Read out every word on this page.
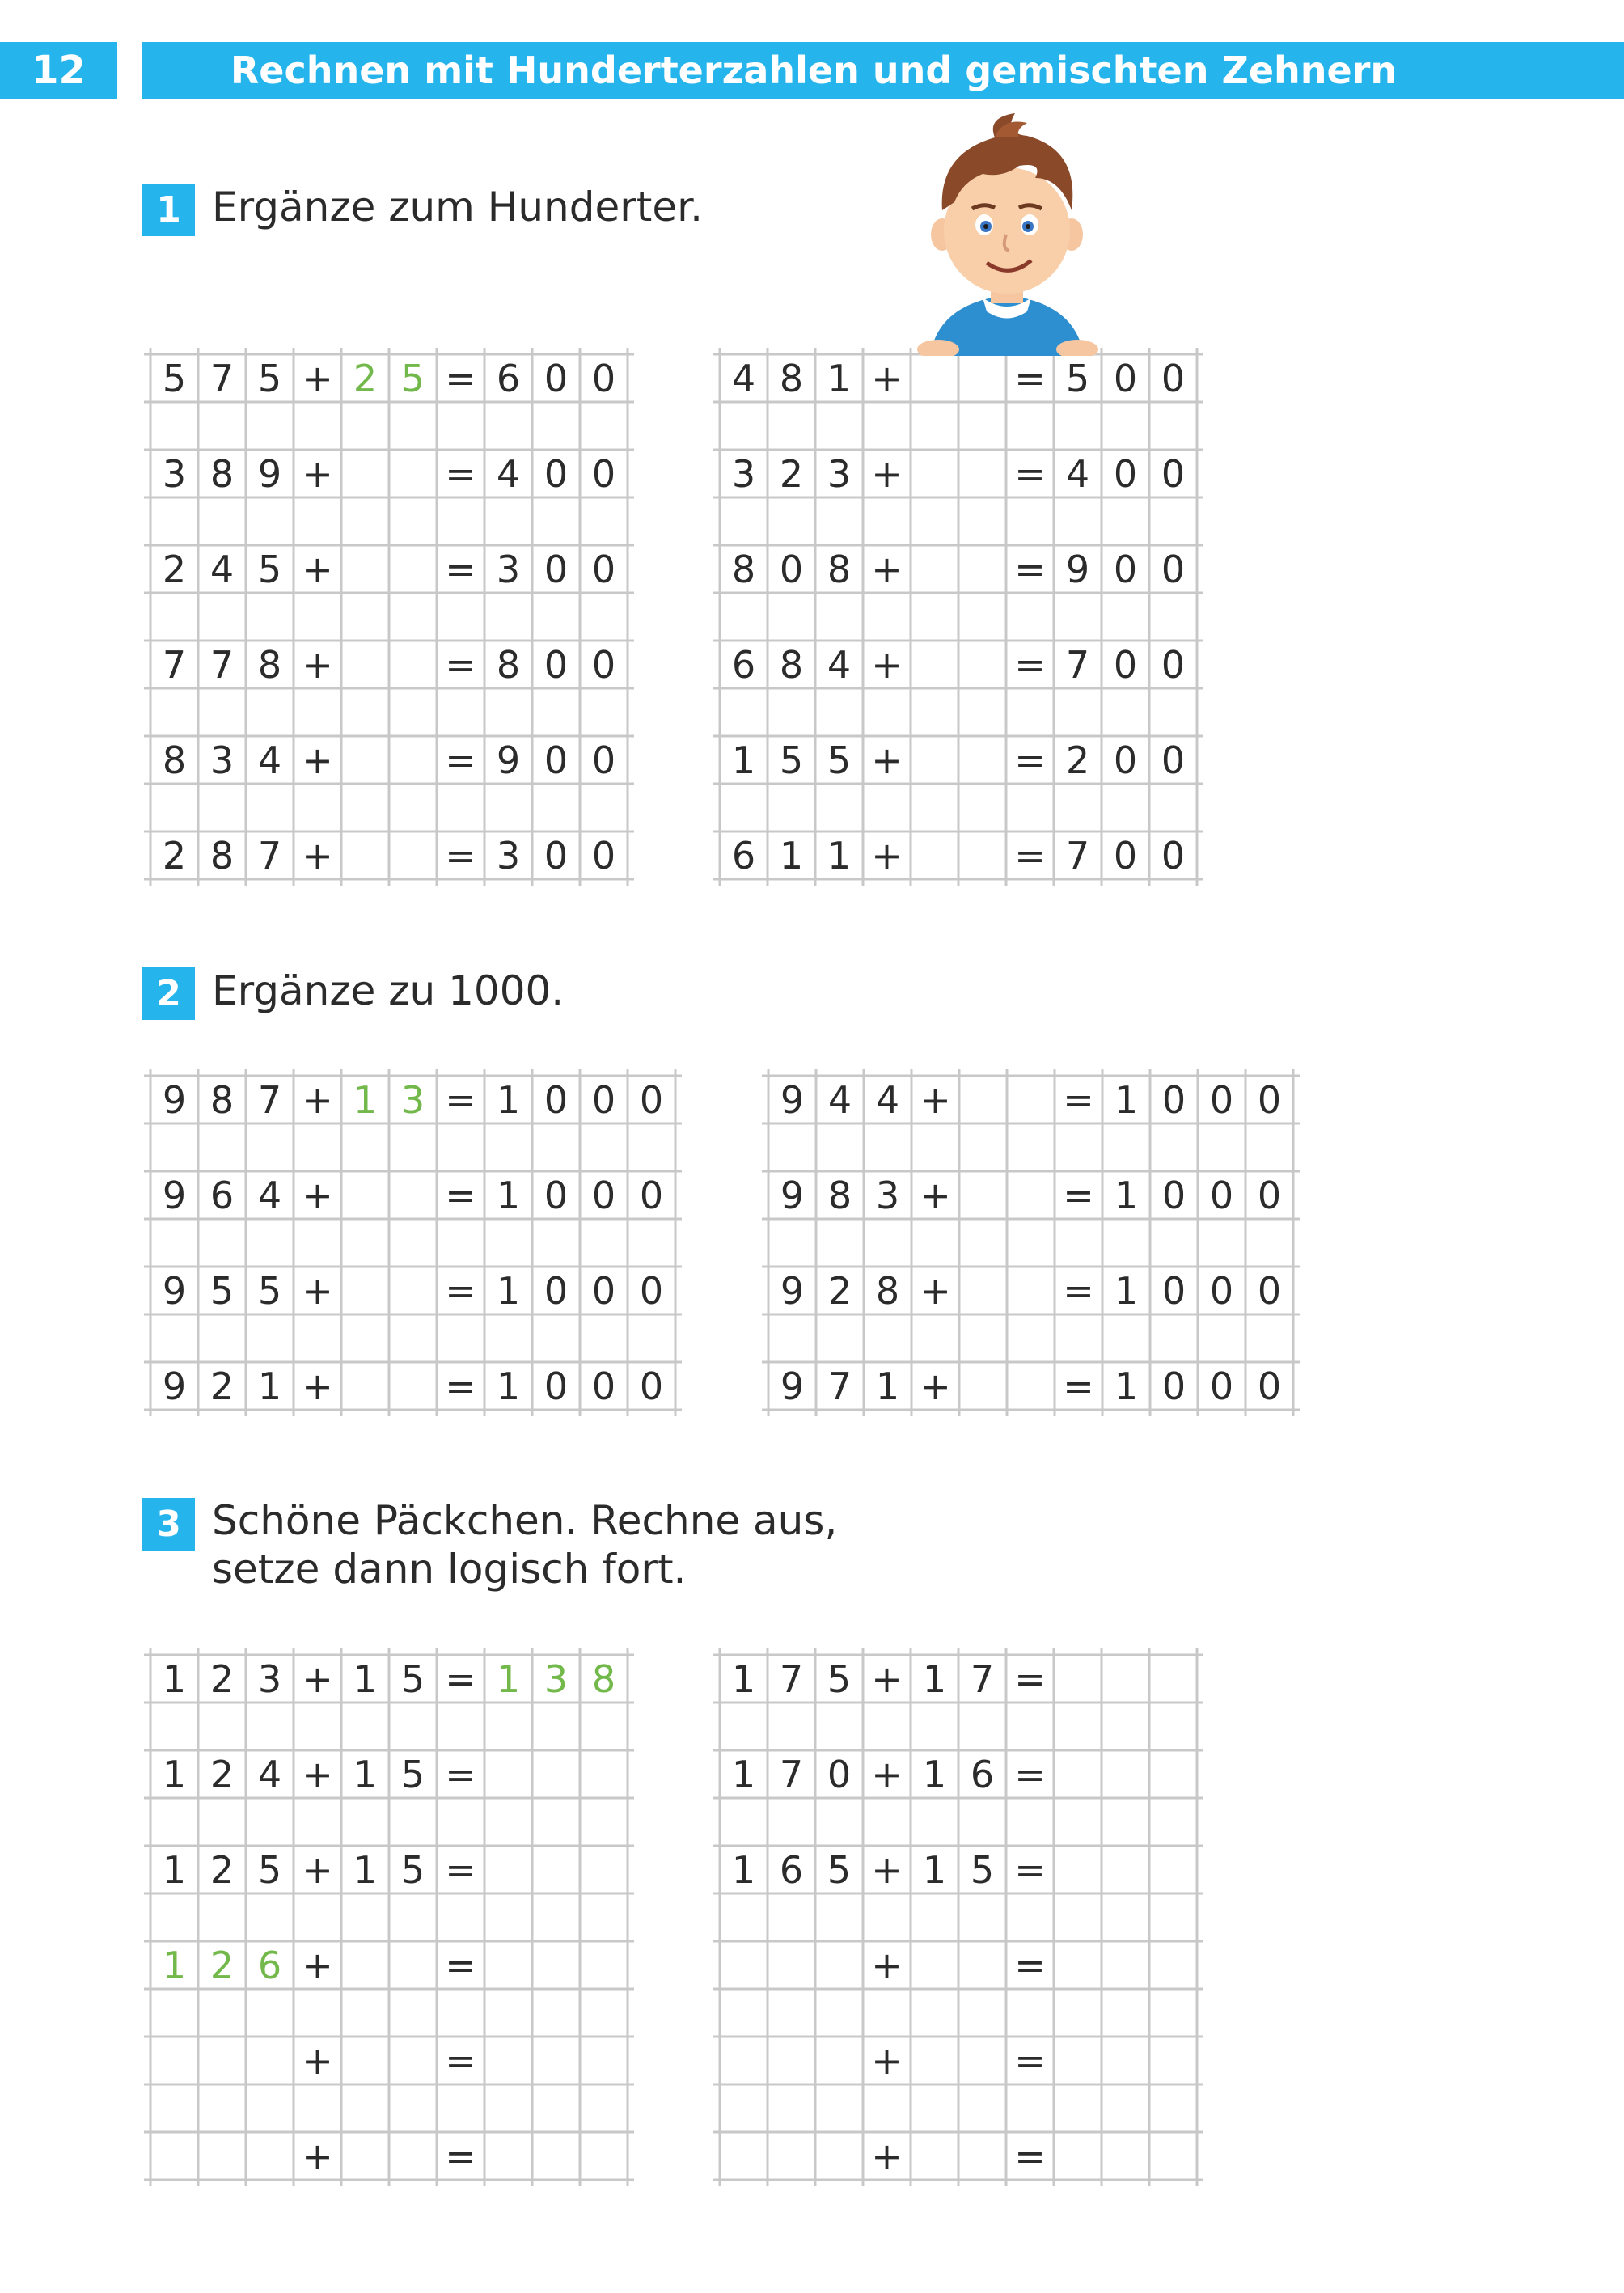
12	Rechnen mit Hunderterzahlen und gemischten Zehnern
1 Ergänze zum Hunderter.
2 Ergänze zu 1000.
3 Schöne Päckchen. Rechne aus,
setze dann logisch fort.
5 7 5 + 2 5 = 6 0 0
3 8 9 +	= 4 0 0
2 4 5 +	= 3 0 0
7 7 8 +	= 8 0 0
8 3 4 +	= 9 0 0
2 8 7 +	= 3 0 0
4 8 1 +	= 5 0 0
3 2 3 +	= 4 0 0
8 0 8 +	= 9 0 0
6 8 4 +	= 7 0 0
1 5 5 +	= 2 0 0
6 1 1 +	= 7 0 0
9 8 7 + 1 3 = 1 0 0 0
9 6 4 +	= 1 0 0 0
9 5 5 +	= 1 0 0 0
9 2 1 +	= 1 0 0 0
9 4 4 +	= 1 0 0 0
9 8 3 +	= 1 0 0 0
9 2 8 +	= 1 0 0 0
9 7 1 +	= 1 0 0 0
1 2 3 + 1 5 = 1 3 8
1 2 4 + 1 5 =
1 2 5 + 1 5 =
1 2 6 +	=
+	=
+	=
1 7 5 + 1 7 =
1 7 0 + 1 6 =
1 6 5 + 1 5 =
+	=
+	=
+	=
